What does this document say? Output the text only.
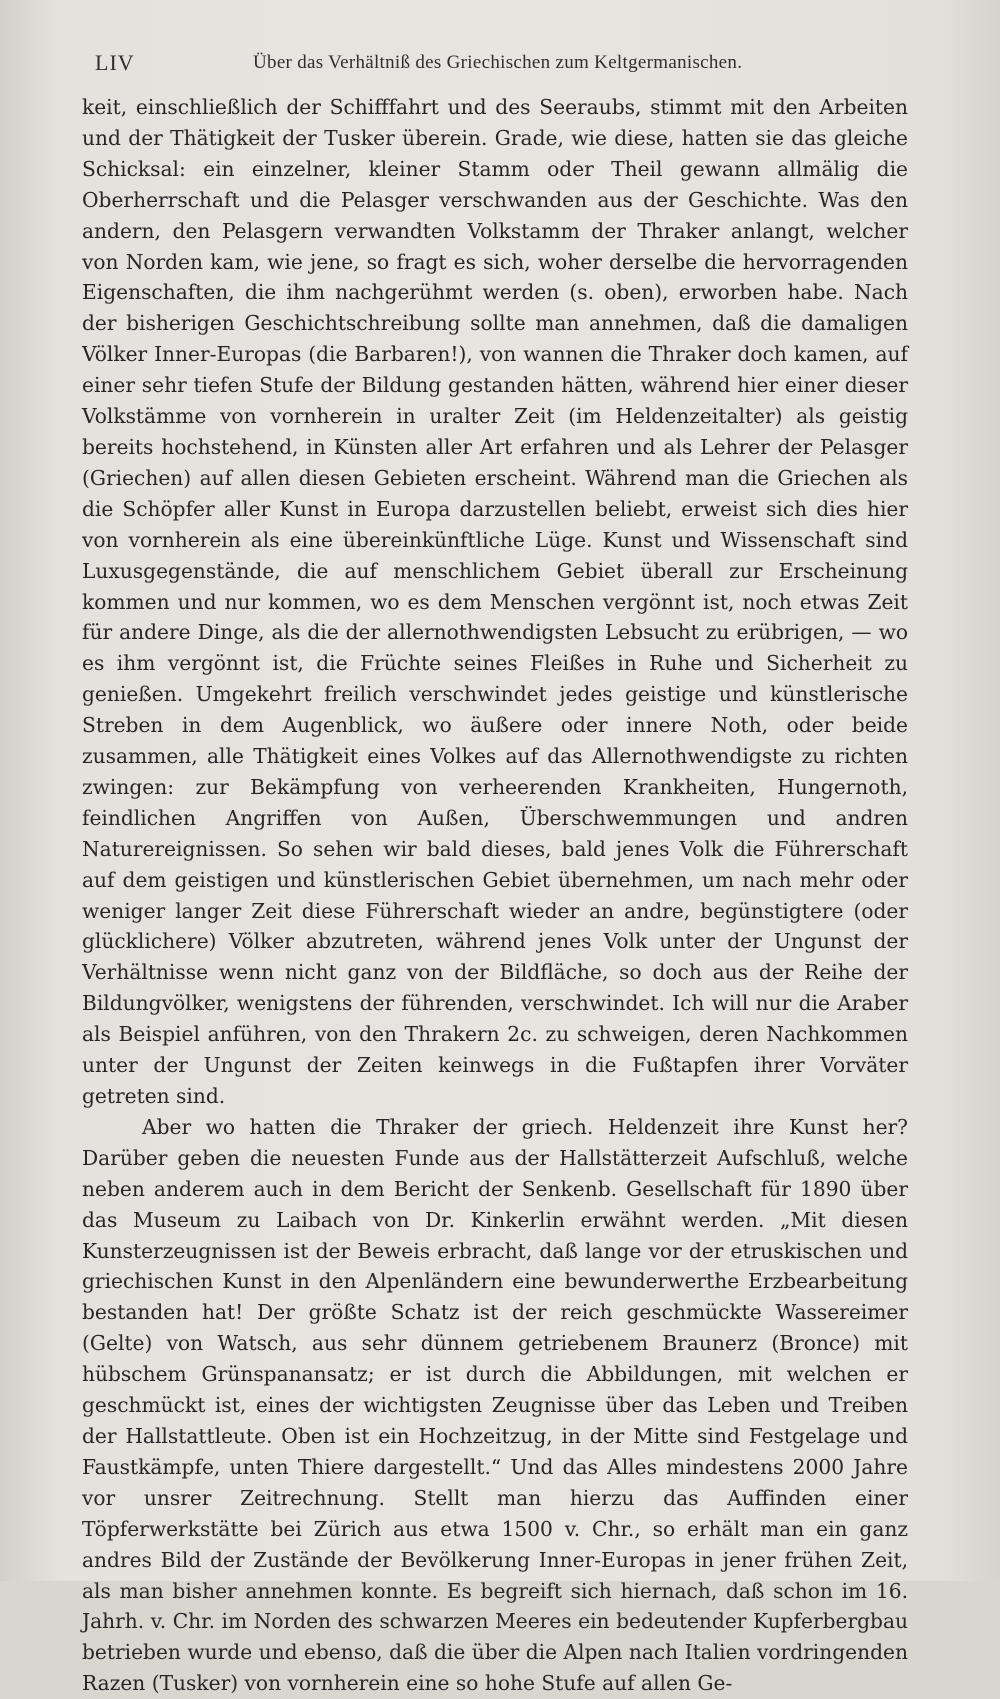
LIV	Über das Verhältniß des Griechischen zum Keltgermanischen.

keit, einschließlich der Schifffahrt und des Seeraubs, stimmt mit den Arbeiten und der Thätigkeit der Tusker überein. Grade, wie diese, hatten sie das gleiche Schicksal: ein einzelner, kleiner Stamm oder Theil gewann allmälig die Oberherrschaft und die Pelasger verschwanden aus der Geschichte. Was den andern, den Pelasgern verwandten Volkstamm der Thraker anlangt, welcher von Norden kam, wie jene, so fragt es sich, woher derselbe die hervorragenden Eigenschaften, die ihm nachgerühmt werden (s. oben), erworben habe. Nach der bisherigen Geschichtschreibung sollte man annehmen, daß die damaligen Völker Inner-Europas (die Barbaren!), von wannen die Thraker doch kamen, auf einer sehr tiefen Stufe der Bildung gestanden hätten, während hier einer dieser Volkstämme von vornherein in uralter Zeit (im Heldenzeitalter) als geistig bereits hochstehend, in Künsten aller Art erfahren und als Lehrer der Pelasger (Griechen) auf allen diesen Gebieten erscheint. Während man die Griechen als die Schöpfer aller Kunst in Europa darzustellen beliebt, erweist sich dies hier von vornherein als eine übereinkünftliche Lüge. Kunst und Wissenschaft sind Luxusgegenstände, die auf menschlichem Gebiet überall zur Erscheinung kommen und nur kommen, wo es dem Menschen vergönnt ist, noch etwas Zeit für andere Dinge, als die der allernothwendigsten Lebsucht zu erübrigen, — wo es ihm vergönnt ist, die Früchte seines Fleißes in Ruhe und Sicherheit zu genießen. Umgekehrt freilich verschwindet jedes geistige und künstlerische Streben in dem Augenblick, wo äußere oder innere Noth, oder beide zusammen, alle Thätigkeit eines Volkes auf das Allernothwendigste zu richten zwingen: zur Bekämpfung von verheerenden Krankheiten, Hungernoth, feindlichen Angriffen von Außen, Überschwemmungen und andren Naturereignissen. So sehen wir bald dieses, bald jenes Volk die Führerschaft auf dem geistigen und künstlerischen Gebiet übernehmen, um nach mehr oder weniger langer Zeit diese Führerschaft wieder an andre, begünstigtere (oder glücklichere) Völker abzutreten, während jenes Volk unter der Ungunst der Verhältnisse wenn nicht ganz von der Bildfläche, so doch aus der Reihe der Bildungvölker, wenigstens der führenden, verschwindet. Ich will nur die Araber als Beispiel anführen, von den Thrakern 2c. zu schweigen, deren Nachkommen unter der Ungunst der Zeiten keinwegs in die Fußtapfen ihrer Vorväter getreten sind.

Aber wo hatten die Thraker der griech. Heldenzeit ihre Kunst her? Darüber geben die neuesten Funde aus der Hallstätterzeit Aufschluß, welche neben anderem auch in dem Bericht der Senkenb. Gesellschaft für 1890 über das Museum zu Laibach von Dr. Kinkerlin erwähnt werden. „Mit diesen Kunsterzeugnissen ist der Beweis erbracht, daß lange vor der etruskischen und griechischen Kunst in den Alpenländern eine bewunderwerthe Erzbearbeitung bestanden hat! Der größte Schatz ist der reich geschmückte Wassereimer (Gelte) von Watsch, aus sehr dünnem getriebenem Braunerz (Bronce) mit hübschem Grünspanansatz; er ist durch die Abbildungen, mit welchen er geschmückt ist, eines der wichtigsten Zeugnisse über das Leben und Treiben der Hallstattleute. Oben ist ein Hochzeitzug, in der Mitte sind Festgelage und Faustkämpfe, unten Thiere dargestellt.“ Und das Alles mindestens 2000 Jahre vor unsrer Zeitrechnung. Stellt man hierzu das Auffinden einer Töpferwerkstätte bei Zürich aus etwa 1500 v. Chr., so erhält man ein ganz andres Bild der Zustände der Bevölkerung Inner-Europas in jener frühen Zeit, als man bisher annehmen konnte. Es begreift sich hiernach, daß schon im 16. Jahrh. v. Chr. im Norden des schwarzen Meeres ein bedeutender Kupferbergbau betrieben wurde und ebenso, daß die über die Alpen nach Italien vordringenden Razen (Tusker) von vornherein eine so hohe Stufe auf allen Ge-
